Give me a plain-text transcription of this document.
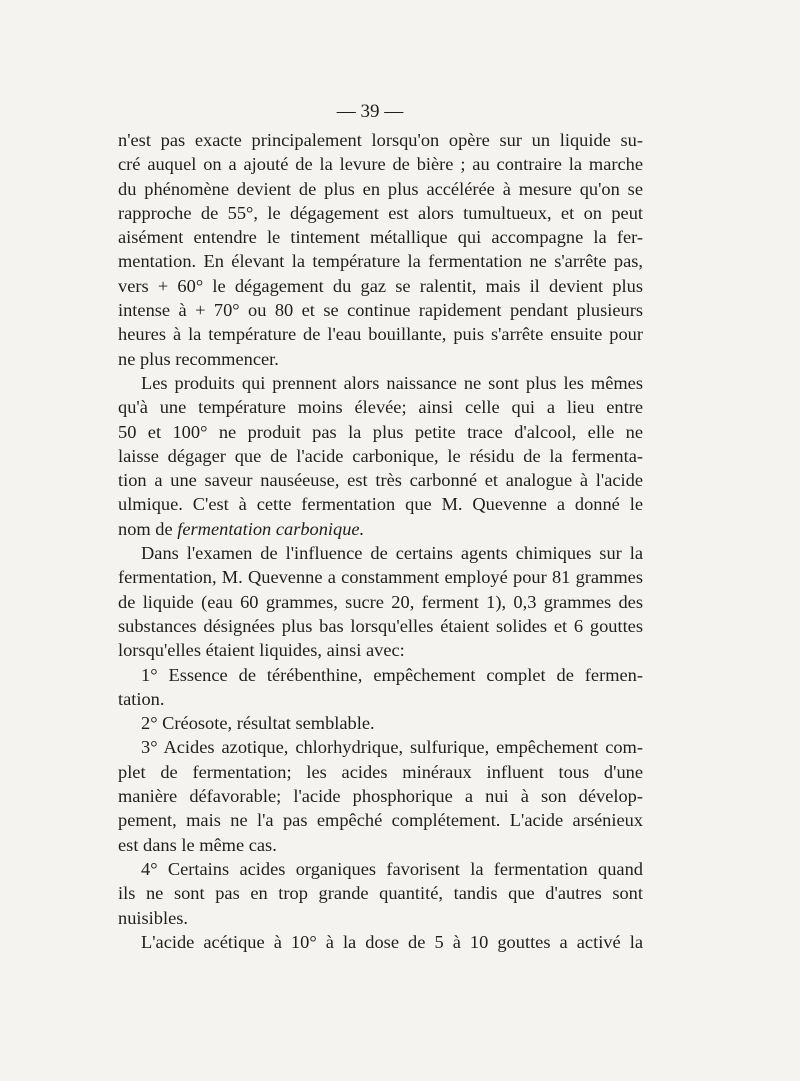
— 39 —

n'est pas exacte principalement lorsqu'on opère sur un liquide su-

cré auquel on a ajouté de la levure de bière ; au contraire la marche

du phénomène devient de plus en plus accélérée à mesure qu'on se

rapproche de 55°, le dégagement est alors tumultueux, et on peut

aisément entendre le tintement métallique qui accompagne la fer-

mentation. En élevant la température la fermentation ne s'arrête pas,

vers + 60° le dégagement du gaz se ralentit, mais il devient plus

intense à + 70° ou 80 et se continue rapidement pendant plusieurs

heures à la température de l'eau bouillante, puis s'arrête ensuite pour

ne plus recommencer.

Les produits qui prennent alors naissance ne sont plus les mêmes

qu'à une température moins élevée; ainsi celle qui a lieu entre

50 et 100° ne produit pas la plus petite trace d'alcool, elle ne

laisse dégager que de l'acide carbonique, le résidu de la fermenta-

tion a une saveur nauséeuse, est très carbonné et analogue à l'acide

ulmique. C'est à cette fermentation que M. Quevenne a donné le

nom de fermentation carbonique.

Dans l'examen de l'influence de certains agents chimiques sur la

fermentation, M. Quevenne a constamment employé pour 81 grammes

de liquide (eau 60 grammes, sucre 20, ferment 1), 0,3 grammes des

substances désignées plus bas lorsqu'elles étaient solides et 6 gouttes

lorsqu'elles étaient liquides, ainsi avec:

1° Essence de térébenthine, empêchement complet de fermen-

tation.

2° Créosote, résultat semblable.

3° Acides azotique, chlorhydrique, sulfurique, empêchement com-

plet de fermentation; les acides minéraux influent tous d'une

manière défavorable; l'acide phosphorique a nui à son dévelop-

pement, mais ne l'a pas empêché complétement. L'acide arsénieux

est dans le même cas.

4° Certains acides organiques favorisent la fermentation quand

ils ne sont pas en trop grande quantité, tandis que d'autres sont

nuisibles.

L'acide acétique à 10° à la dose de 5 à 10 gouttes a activé la
